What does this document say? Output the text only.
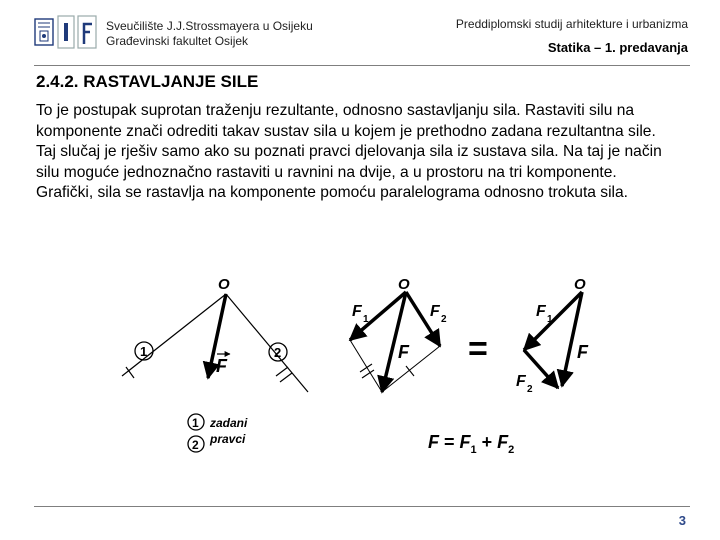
Sveučilište J.J.Strossmayera u Osijeku
Građevinski fakultet Osijek
Preddiplomski studij arhitekture i urbanizma
Statika – 1. predavanja
2.4.2. RASTAVLJANJE SILE

To je postupak suprotan traženju rezultante, odnosno sastavljanju sila. Rastaviti silu na komponente znači odrediti takav sustav sila u kojem je prethodno zadana rezultantna sile.

Taj slučaj je rješiv samo ako su poznati pravci djelovanja sila iz sustava sila. Na taj je način silu moguće jednoznačno rastaviti u ravnini na dvije, a u prostoru na tri komponente.

Grafički, sila se rastavlja na komponente pomoću paralelograma odnosno trokuta sila.

O
F
1	2
1
2
zadani
pravci
O
F 1	F 2
F =
O
F 1
F
F 2
$F = F_1 + F_2$
3
